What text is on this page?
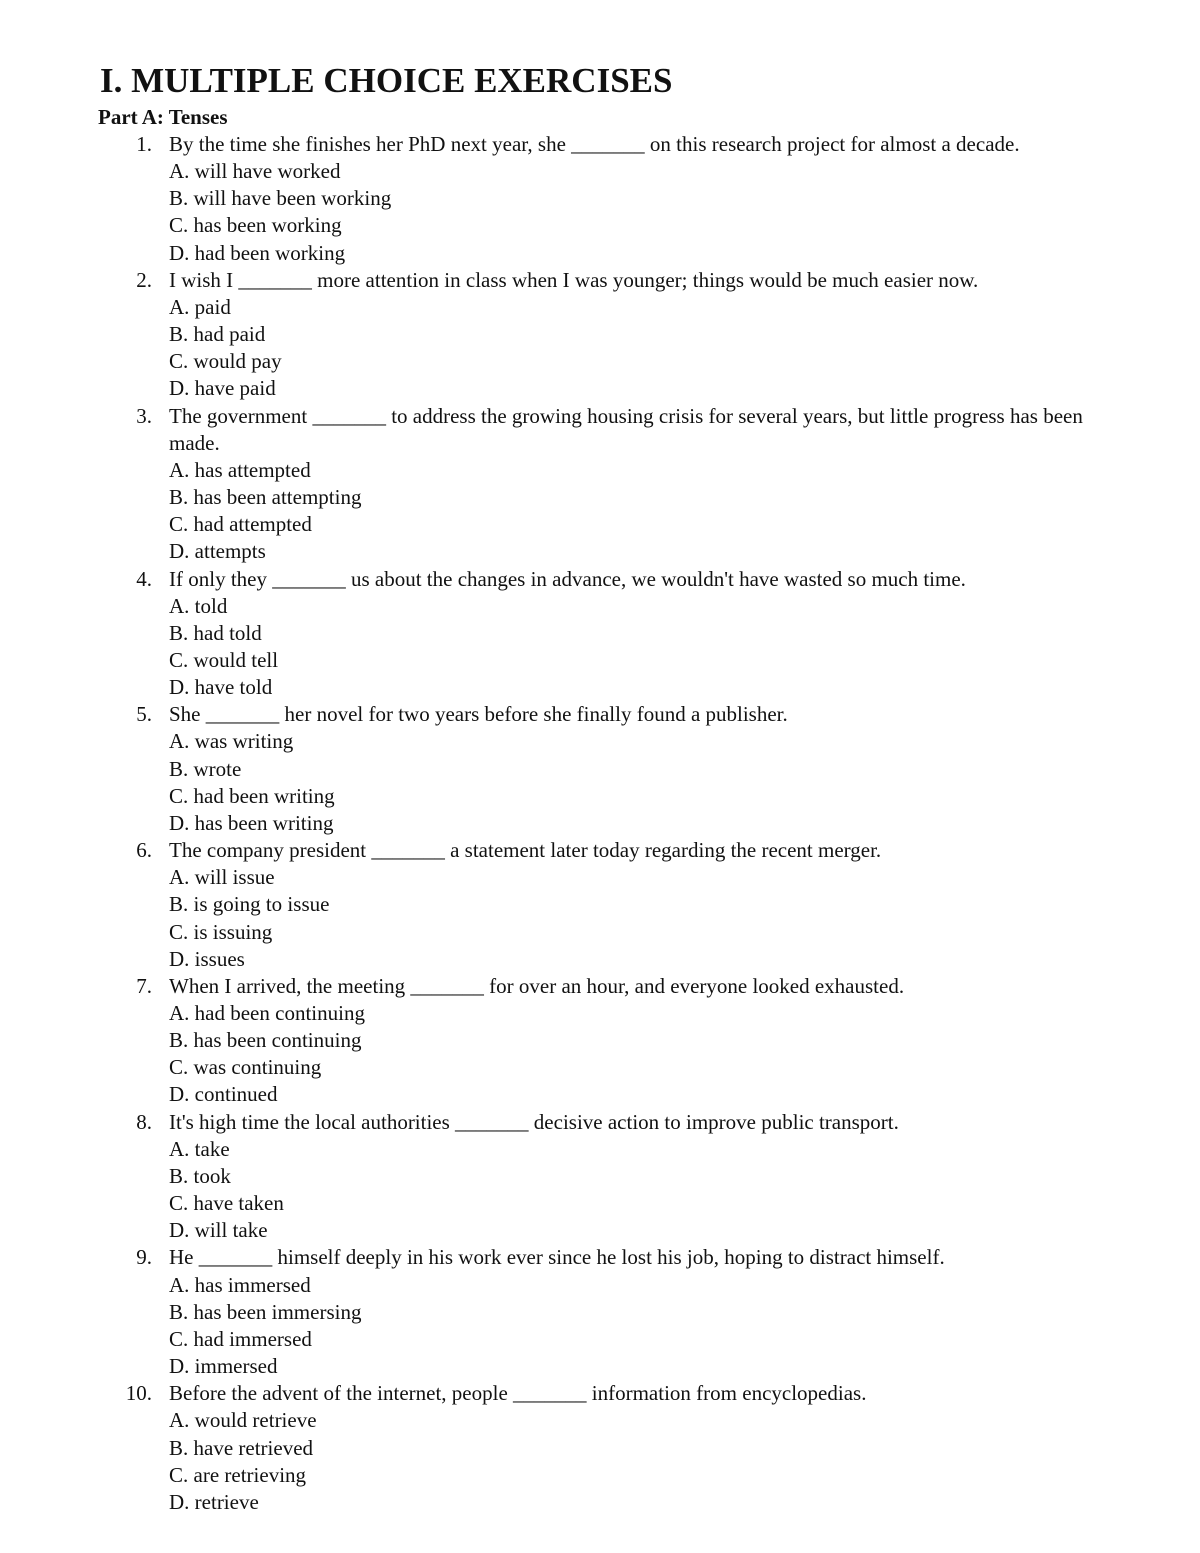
I. MULTIPLE CHOICE EXERCISES
Part A: Tenses
1. By the time she finishes her PhD next year, she _______ on this research project for almost a decade.
A. will have worked
B. will have been working
C. has been working
D. had been working
2. I wish I _______ more attention in class when I was younger; things would be much easier now.
A. paid
B. had paid
C. would pay
D. have paid
3. The government _______ to address the growing housing crisis for several years, but little progress has been made.
A. has attempted
B. has been attempting
C. had attempted
D. attempts
4. If only they _______ us about the changes in advance, we wouldn't have wasted so much time.
A. told
B. had told
C. would tell
D. have told
5. She _______ her novel for two years before she finally found a publisher.
A. was writing
B. wrote
C. had been writing
D. has been writing
6. The company president _______ a statement later today regarding the recent merger.
A. will issue
B. is going to issue
C. is issuing
D. issues
7. When I arrived, the meeting _______ for over an hour, and everyone looked exhausted.
A. had been continuing
B. has been continuing
C. was continuing
D. continued
8. It's high time the local authorities _______ decisive action to improve public transport.
A. take
B. took
C. have taken
D. will take
9. He _______ himself deeply in his work ever since he lost his job, hoping to distract himself.
A. has immersed
B. has been immersing
C. had immersed
D. immersed
10. Before the advent of the internet, people _______ information from encyclopedias.
A. would retrieve
B. have retrieved
C. are retrieving
D. retrieve
